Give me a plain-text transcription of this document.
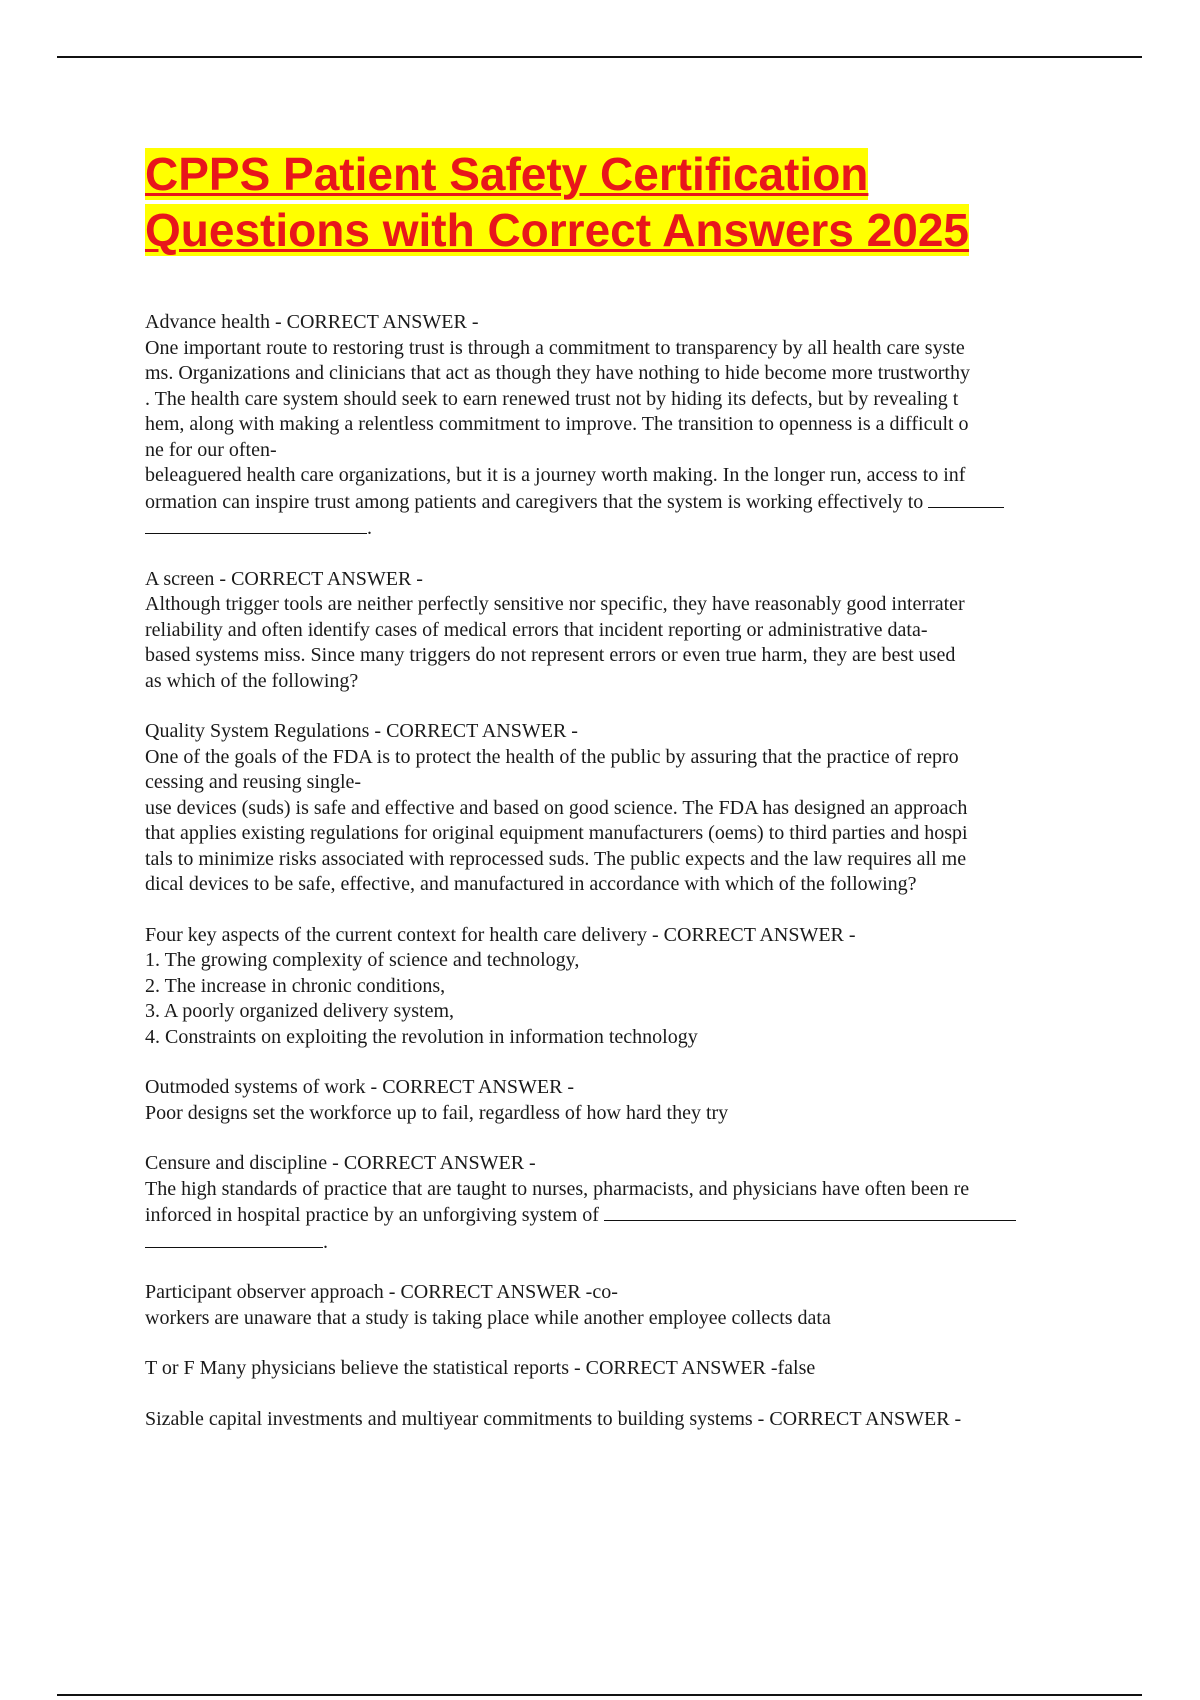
CPPS Patient Safety Certification
Questions with Correct Answers 2025
Advance health - CORRECT ANSWER -
One important route to restoring trust is through a commitment to transparency by all health care syste
ms. Organizations and clinicians that act as though they have nothing to hide become more trustworthy
. The health care system should seek to earn renewed trust not by hiding its defects, but by revealing t
hem, along with making a relentless commitment to improve. The transition to openness is a difficult o
ne for our often-
beleaguered health care organizations, but it is a journey worth making. In the longer run, access to inf
ormation can inspire trust among patients and caregivers that the system is working effectively to
.
A screen - CORRECT ANSWER -
Although trigger tools are neither perfectly sensitive nor specific, they have reasonably good interrater
reliability and often identify cases of medical errors that incident reporting or administrative data-
based systems miss. Since many triggers do not represent errors or even true harm, they are best used
as which of the following?
Quality System Regulations - CORRECT ANSWER -
One of the goals of the FDA is to protect the health of the public by assuring that the practice of repro
cessing and reusing single-
use devices (suds) is safe and effective and based on good science. The FDA has designed an approach
that applies existing regulations for original equipment manufacturers (oems) to third parties and hospi
tals to minimize risks associated with reprocessed suds. The public expects and the law requires all me
dical devices to be safe, effective, and manufactured in accordance with which of the following?
Four key aspects of the current context for health care delivery - CORRECT ANSWER -
1. The growing complexity of science and technology,
2. The increase in chronic conditions,
3. A poorly organized delivery system,
4. Constraints on exploiting the revolution in information technology
Outmoded systems of work - CORRECT ANSWER -
Poor designs set the workforce up to fail, regardless of how hard they try
Censure and discipline - CORRECT ANSWER -
The high standards of practice that are taught to nurses, pharmacists, and physicians have often been re
inforced in hospital practice by an unforgiving system of
.
Participant observer approach - CORRECT ANSWER -co-
workers are unaware that a study is taking place while another employee collects data
T or F Many physicians believe the statistical reports - CORRECT ANSWER -false
Sizable capital investments and multiyear commitments to building systems - CORRECT ANSWER -
